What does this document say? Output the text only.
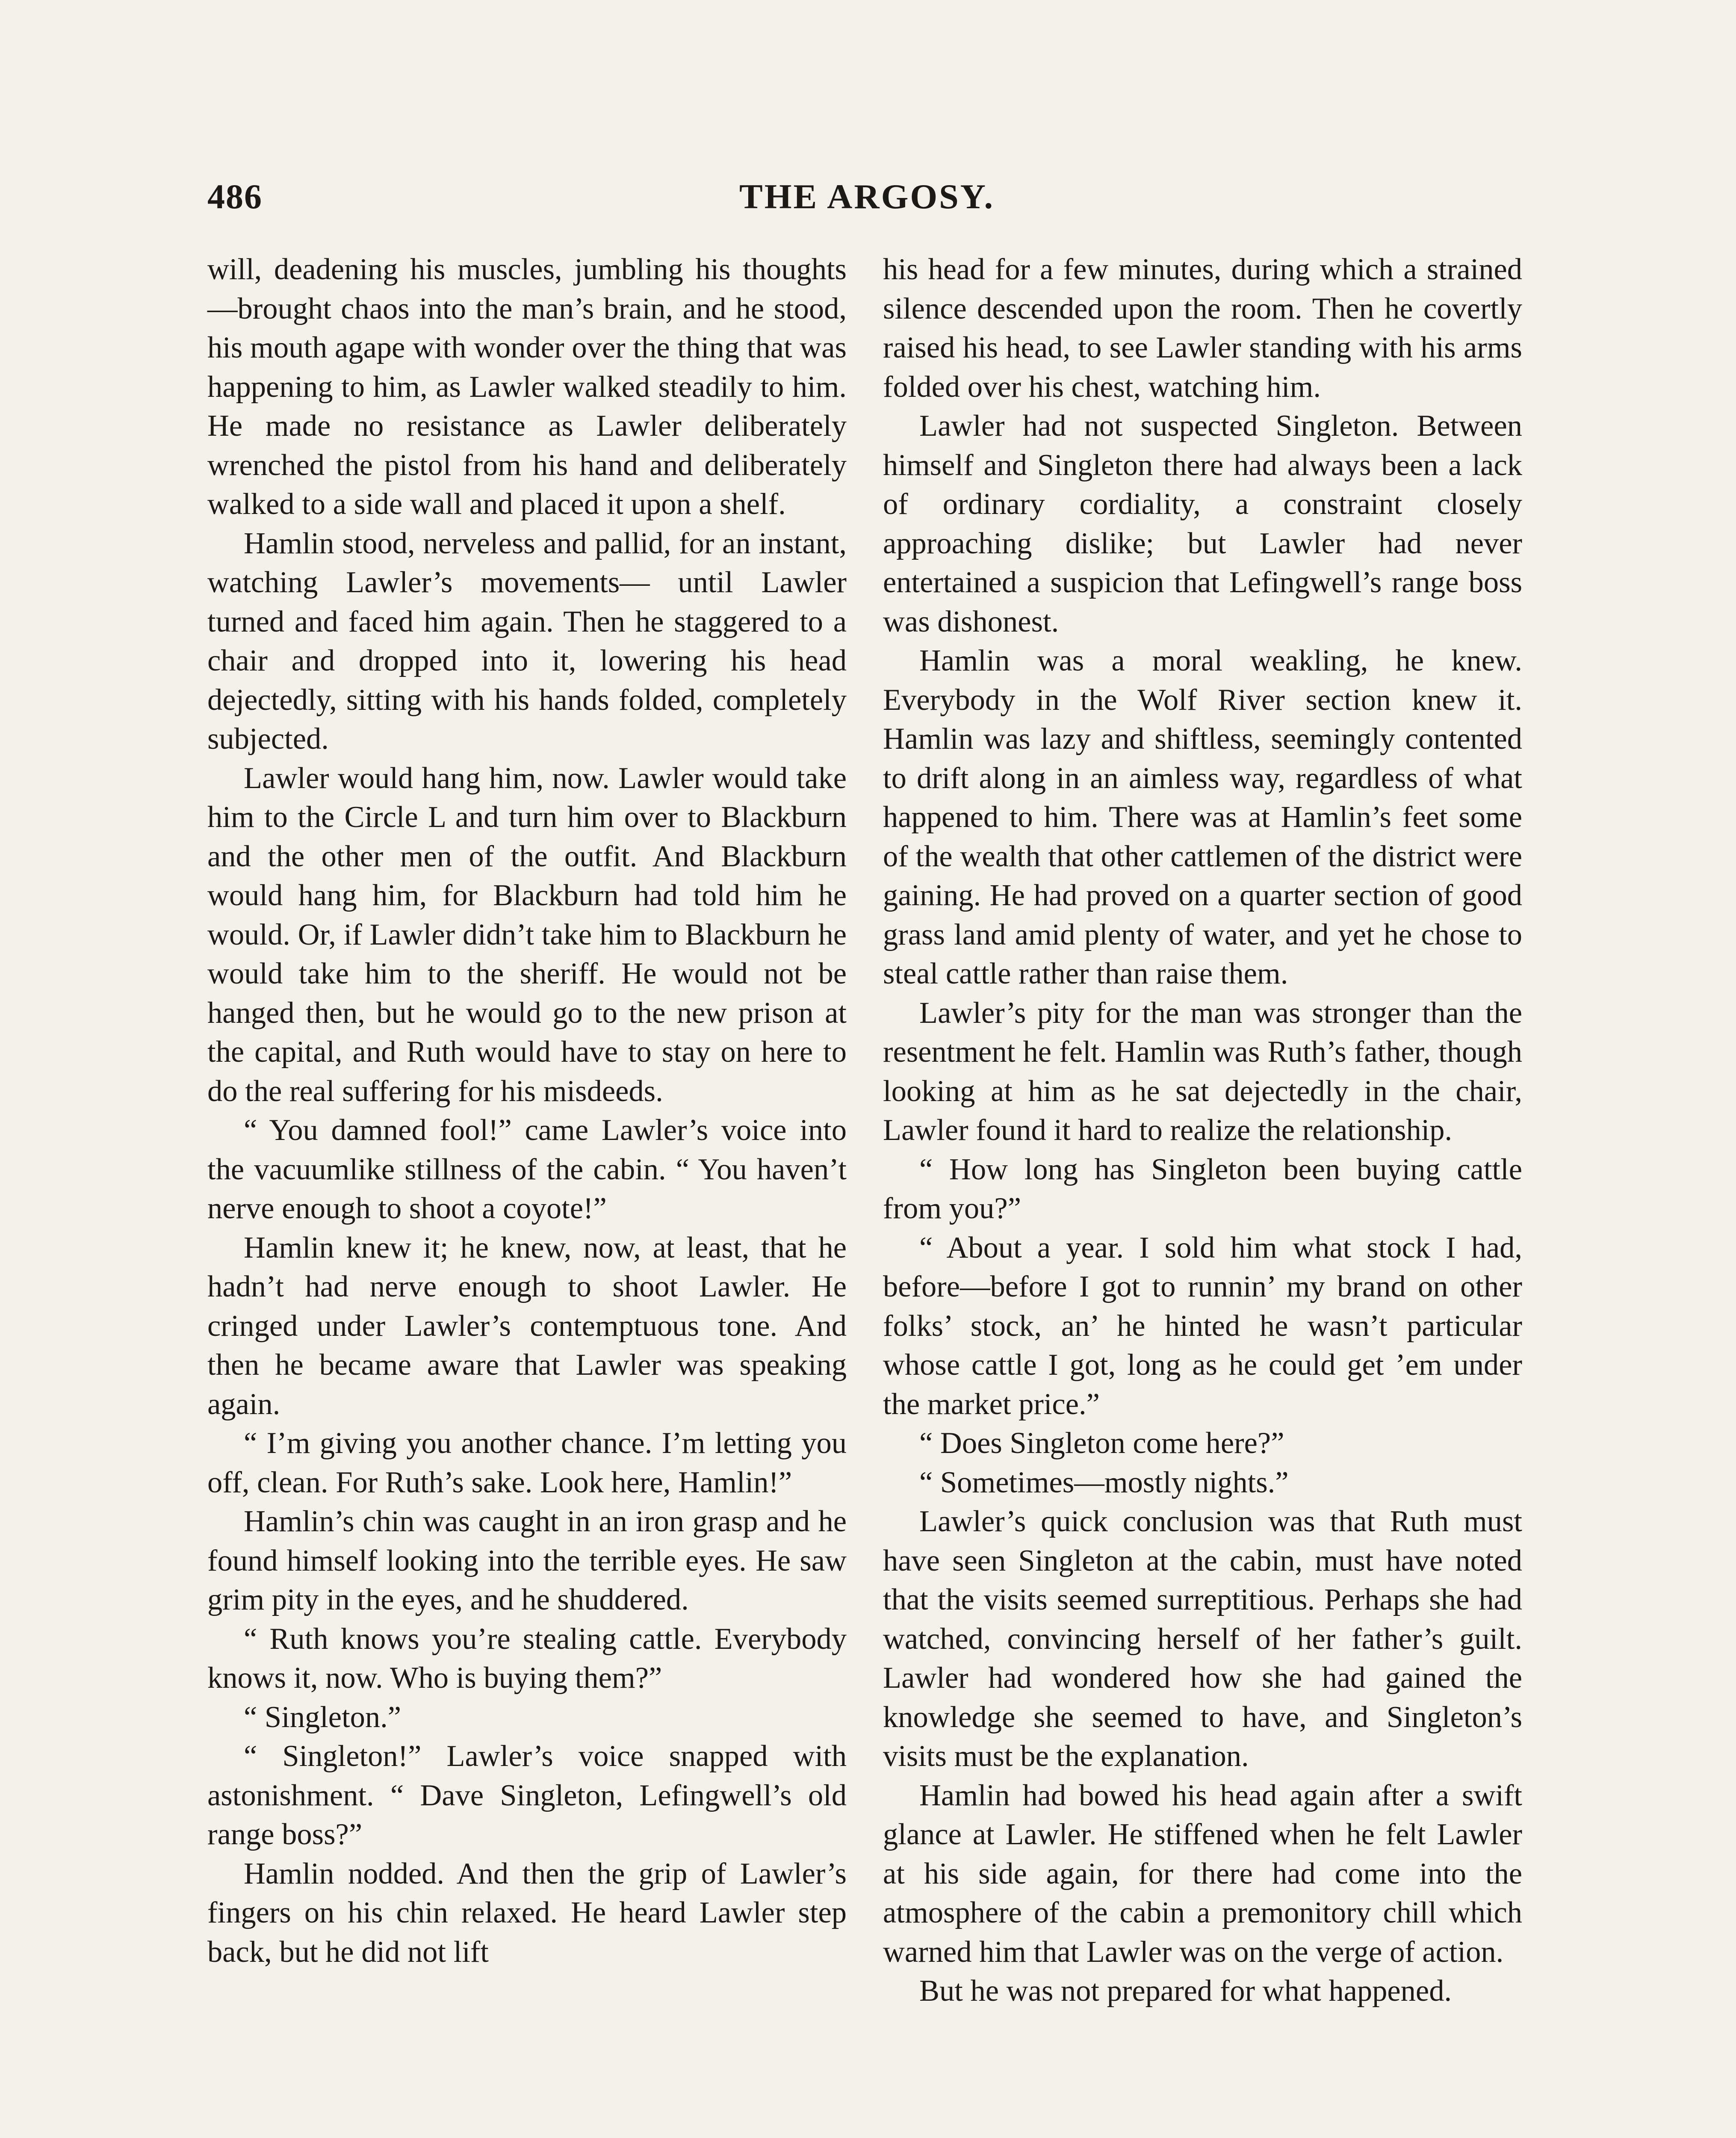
486	THE ARGOSY.

will, deadening his muscles, jumbling his thoughts—brought chaos into the man’s brain, and he stood, his mouth agape with wonder over the thing that was happening to him, as Lawler walked steadily to him. He made no resistance as Lawler deliberately wrenched the pistol from his hand and deliberately walked to a side wall and placed it upon a shelf.

Hamlin stood, nerveless and pallid, for an instant, watching Lawler’s movements— until Lawler turned and faced him again. Then he staggered to a chair and dropped into it, lowering his head dejectedly, sitting with his hands folded, completely subjected.

Lawler would hang him, now. Lawler would take him to the Circle L and turn him over to Blackburn and the other men of the outfit. And Blackburn would hang him, for Blackburn had told him he would. Or, if Lawler didn’t take him to Blackburn he would take him to the sheriff. He would not be hanged then, but he would go to the new prison at the capital, and Ruth would have to stay on here to do the real suffering for his misdeeds.

“ You damned fool!” came Lawler’s voice into the vacuumlike stillness of the cabin. “ You haven’t nerve enough to shoot a coyote!”

Hamlin knew it; he knew, now, at least, that he hadn’t had nerve enough to shoot Lawler. He cringed under Lawler’s contemptuous tone. And then he became aware that Lawler was speaking again.

“ I’m giving you another chance. I’m letting you off, clean. For Ruth’s sake. Look here, Hamlin!”

Hamlin’s chin was caught in an iron grasp and he found himself looking into the terrible eyes. He saw grim pity in the eyes, and he shuddered.

“ Ruth knows you’re stealing cattle. Everybody knows it, now. Who is buying them?”

“ Singleton.”

“ Singleton!” Lawler’s voice snapped with astonishment. “ Dave Singleton, Lefingwell’s old range boss?”

Hamlin nodded. And then the grip of Lawler’s fingers on his chin relaxed. He heard Lawler step back, but he did not lift

his head for a few minutes, during which a strained silence descended upon the room. Then he covertly raised his head, to see Lawler standing with his arms folded over his chest, watching him.

Lawler had not suspected Singleton. Between himself and Singleton there had always been a lack of ordinary cordiality, a constraint closely approaching dislike; but Lawler had never entertained a suspicion that Lefingwell’s range boss was dishonest.

Hamlin was a moral weakling, he knew. Everybody in the Wolf River section knew it. Hamlin was lazy and shiftless, seemingly contented to drift along in an aimless way, regardless of what happened to him. There was at Hamlin’s feet some of the wealth that other cattlemen of the district were gaining. He had proved on a quarter section of good grass land amid plenty of water, and yet he chose to steal cattle rather than raise them.

Lawler’s pity for the man was stronger than the resentment he felt. Hamlin was Ruth’s father, though looking at him as he sat dejectedly in the chair, Lawler found it hard to realize the relationship.

“ How long has Singleton been buying cattle from you?”

“ About a year. I sold him what stock I had, before—before I got to runnin’ my brand on other folks’ stock, an’ he hinted he wasn’t particular whose cattle I got, long as he could get ’em under the market price.”

“ Does Singleton come here?”

“ Sometimes—mostly nights.”

Lawler’s quick conclusion was that Ruth must have seen Singleton at the cabin, must have noted that the visits seemed surreptitious. Perhaps she had watched, convincing herself of her father’s guilt. Lawler had wondered how she had gained the knowledge she seemed to have, and Singleton’s visits must be the explanation.

Hamlin had bowed his head again after a swift glance at Lawler. He stiffened when he felt Lawler at his side again, for there had come into the atmosphere of the cabin a premonitory chill which warned him that Lawler was on the verge of action.

But he was not prepared for what happened.
